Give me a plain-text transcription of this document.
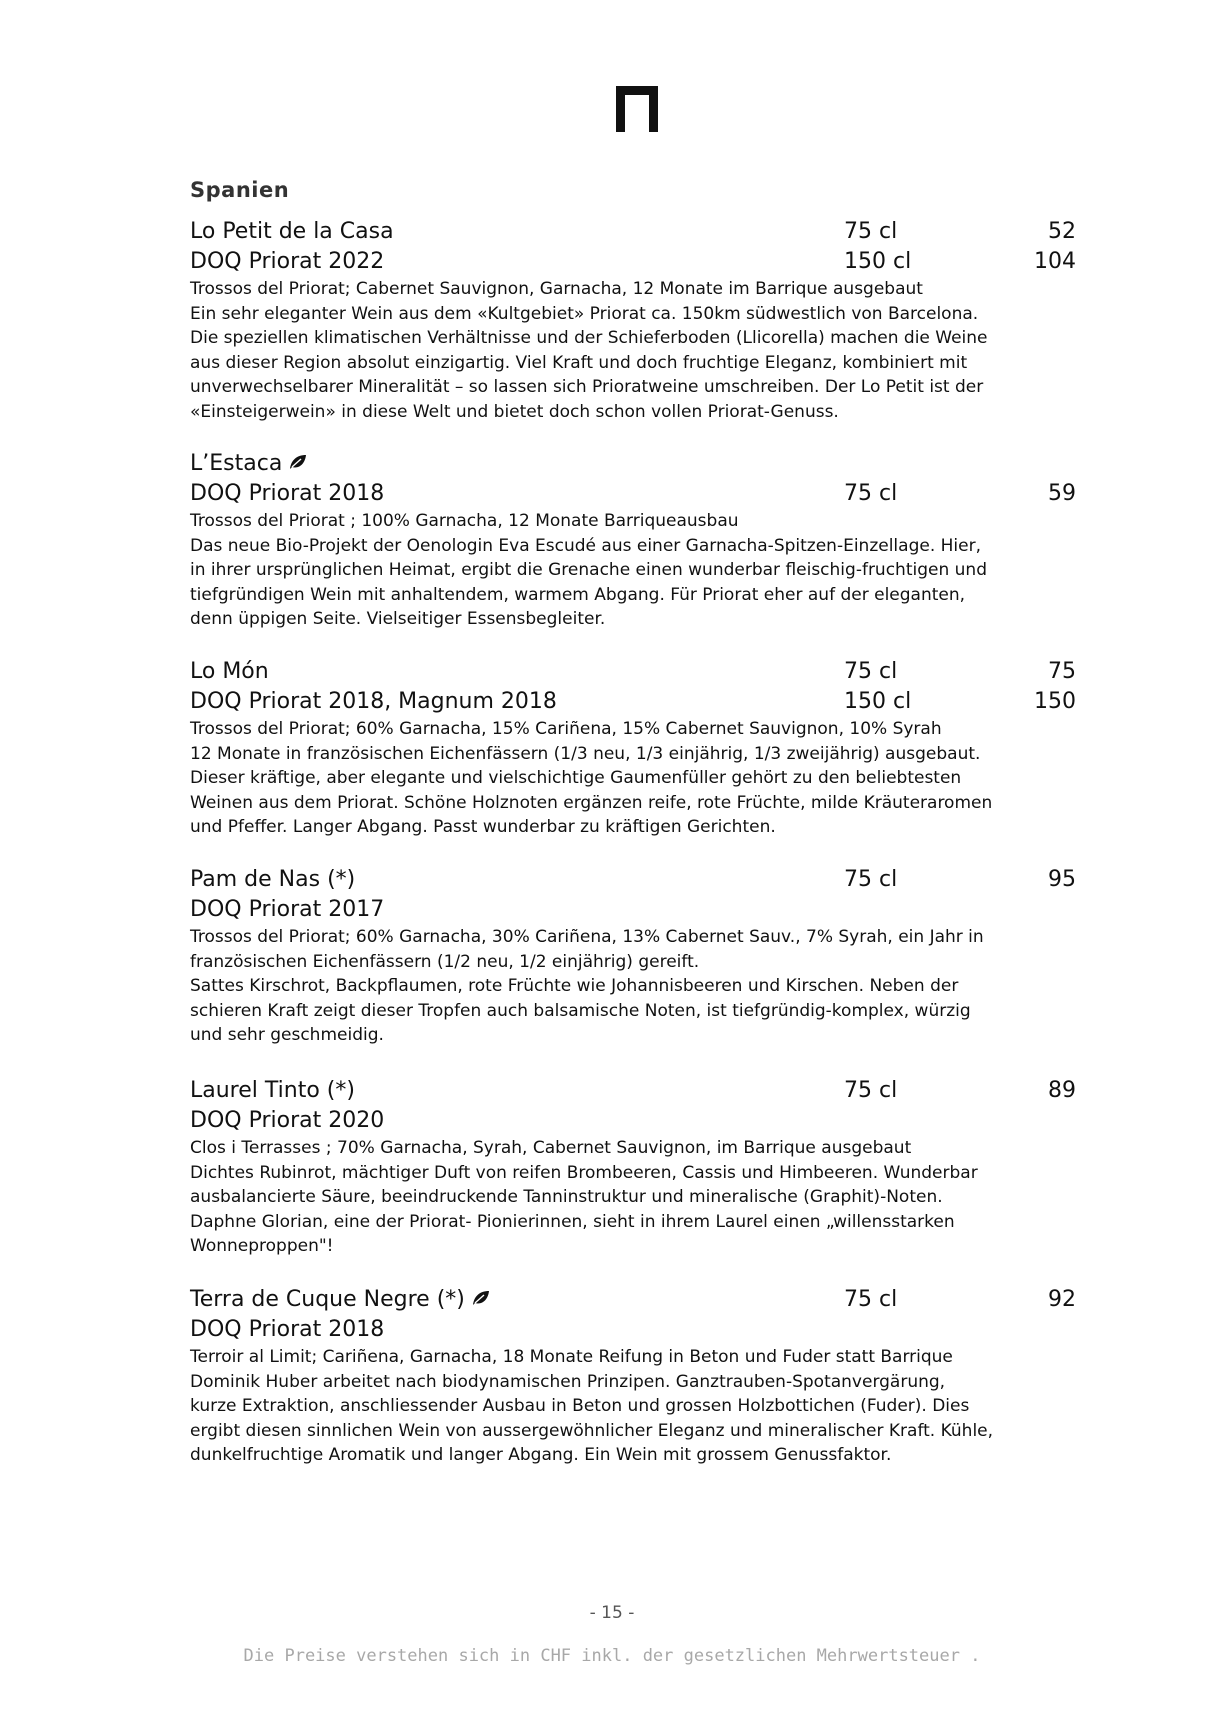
Spanien
Lo Petit de la Casa	75 cl	52
DOQ Priorat 2022	150 cl	104

Trossos del Priorat; Cabernet Sauvignon, Garnacha, 12 Monate im Barrique ausgebaut
Ein sehr eleganter Wein aus dem «Kultgebiet» Priorat ca. 150km südwestlich von Barcelona.
Die speziellen klimatischen Verhältnisse und der Schieferboden (Llicorella) machen die Weine
aus dieser Region absolut einzigartig. Viel Kraft und doch fruchtige Eleganz, kombiniert mit
unverwechselbarer Mineralität – so lassen sich Prioratweine umschreiben. Der Lo Petit ist der
«Einsteigerwein» in diese Welt und bietet doch schon vollen Priorat-Genuss.

L’Estaca
DOQ Priorat 2018	75 cl	59

Trossos del Priorat ; 100% Garnacha, 12 Monate Barriqueausbau
Das neue Bio-Projekt der Oenologin Eva Escudé aus einer Garnacha-Spitzen-Einzellage. Hier,
in ihrer ursprünglichen Heimat, ergibt die Grenache einen wunderbar fleischig-fruchtigen und
tiefgründigen Wein mit anhaltendem, warmem Abgang. Für Priorat eher auf der eleganten,
denn üppigen Seite. Vielseitiger Essensbegleiter.

Lo Món	75 cl	75
DOQ Priorat 2018, Magnum 2018	150 cl	150

Trossos del Priorat; 60% Garnacha, 15% Cariñena, 15% Cabernet Sauvignon, 10% Syrah
12 Monate in französischen Eichenfässern (1/3 neu, 1/3 einjährig, 1/3 zweijährig) ausgebaut.
Dieser kräftige, aber elegante und vielschichtige Gaumenfüller gehört zu den beliebtesten
Weinen aus dem Priorat. Schöne Holznoten ergänzen reife, rote Früchte, milde Kräuteraromen
und Pfeffer. Langer Abgang. Passt wunderbar zu kräftigen Gerichten.

Pam de Nas (*)	75 cl	95
DOQ Priorat 2017

Trossos del Priorat; 60% Garnacha, 30% Cariñena, 13% Cabernet Sauv., 7% Syrah, ein Jahr in
französischen Eichenfässern (1/2 neu, 1/2 einjährig) gereift.
Sattes Kirschrot, Backpflaumen, rote Früchte wie Johannisbeeren und Kirschen. Neben der
schieren Kraft zeigt dieser Tropfen auch balsamische Noten, ist tiefgründig-komplex, würzig
und sehr geschmeidig.

Laurel Tinto (*)	75 cl	89
DOQ Priorat 2020

Clos i Terrasses ; 70% Garnacha, Syrah, Cabernet Sauvignon, im Barrique ausgebaut
Dichtes Rubinrot, mächtiger Duft von reifen Brombeeren, Cassis und Himbeeren. Wunderbar
ausbalancierte Säure, beeindruckende Tanninstruktur und mineralische (Graphit)-Noten.
Daphne Glorian, eine der Priorat- Pionierinnen, sieht in ihrem Laurel einen „willensstarken
Wonneproppen"!

Terra de Cuque Negre (*)	75 cl	92
DOQ Priorat 2018

Terroir al Limit; Cariñena, Garnacha, 18 Monate Reifung in Beton und Fuder statt Barrique
Dominik Huber arbeitet nach biodynamischen Prinzipen. Ganztrauben-Spotanvergärung,
kurze Extraktion, anschliessender Ausbau in Beton und grossen Holzbottichen (Fuder). Dies
ergibt diesen sinnlichen Wein von aussergewöhnlicher Eleganz und mineralischer Kraft. Kühle,
dunkelfruchtige Aromatik und langer Abgang. Ein Wein mit grossem Genussfaktor.

- 15 -
Die Preise verstehen sich in CHF inkl. der gesetzlichen Mehrwertsteuer .
